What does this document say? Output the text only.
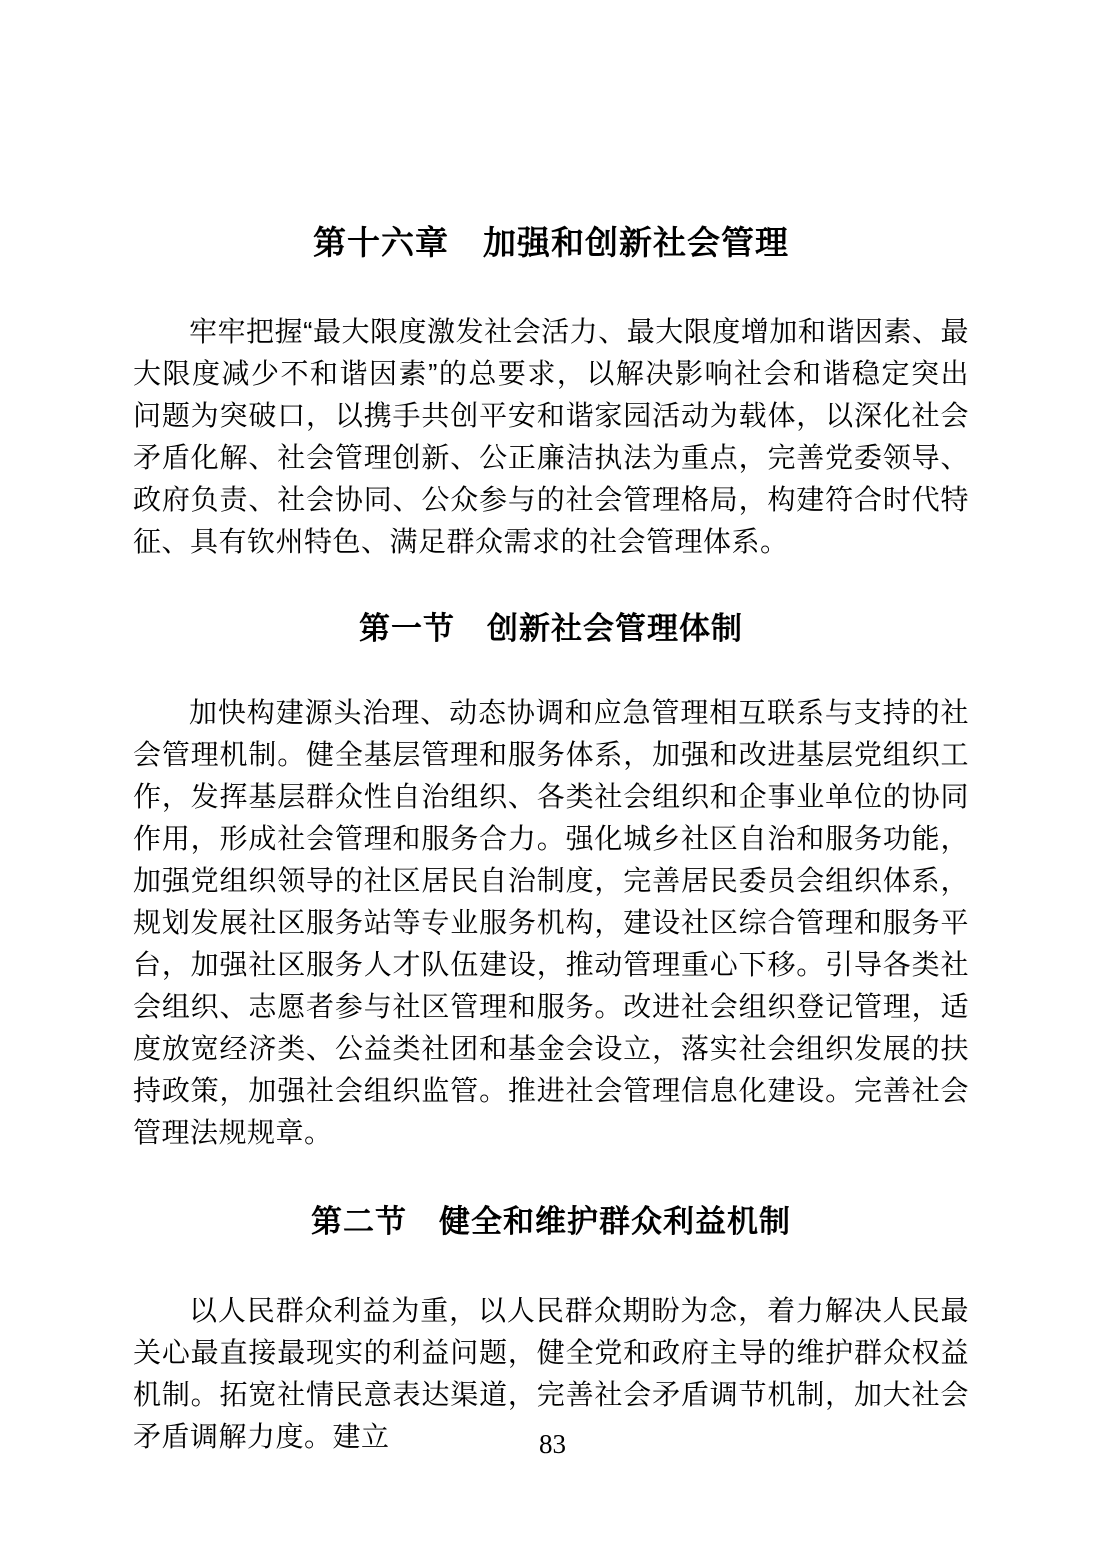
第十六章　加强和创新社会管理

牢牢把握“最大限度激发社会活力、最大限度增加和谐因素、最大限度减少不和谐因素”的总要求，以解决影响社会和谐稳定突出问题为突破口，以携手共创平安和谐家园活动为载体，以深化社会矛盾化解、社会管理创新、公正廉洁执法为重点，完善党委领导、政府负责、社会协同、公众参与的社会管理格局，构建符合时代特征、具有钦州特色、满足群众需求的社会管理体系。

第一节　创新社会管理体制

加快构建源头治理、动态协调和应急管理相互联系与支持的社会管理机制。健全基层管理和服务体系，加强和改进基层党组织工作，发挥基层群众性自治组织、各类社会组织和企事业单位的协同作用，形成社会管理和服务合力。强化城乡社区自治和服务功能，加强党组织领导的社区居民自治制度，完善居民委员会组织体系，规划发展社区服务站等专业服务机构，建设社区综合管理和服务平台，加强社区服务人才队伍建设，推动管理重心下移。引导各类社会组织、志愿者参与社区管理和服务。改进社会组织登记管理，适度放宽经济类、公益类社团和基金会设立，落实社会组织发展的扶持政策，加强社会组织监管。推进社会管理信息化建设。完善社会管理法规规章。

第二节　健全和维护群众利益机制

以人民群众利益为重，以人民群众期盼为念，着力解决人民最关心最直接最现实的利益问题，健全党和政府主导的维护群众权益机制。拓宽社情民意表达渠道，完善社会矛盾调节机制，加大社会矛盾调解力度。建立	83
